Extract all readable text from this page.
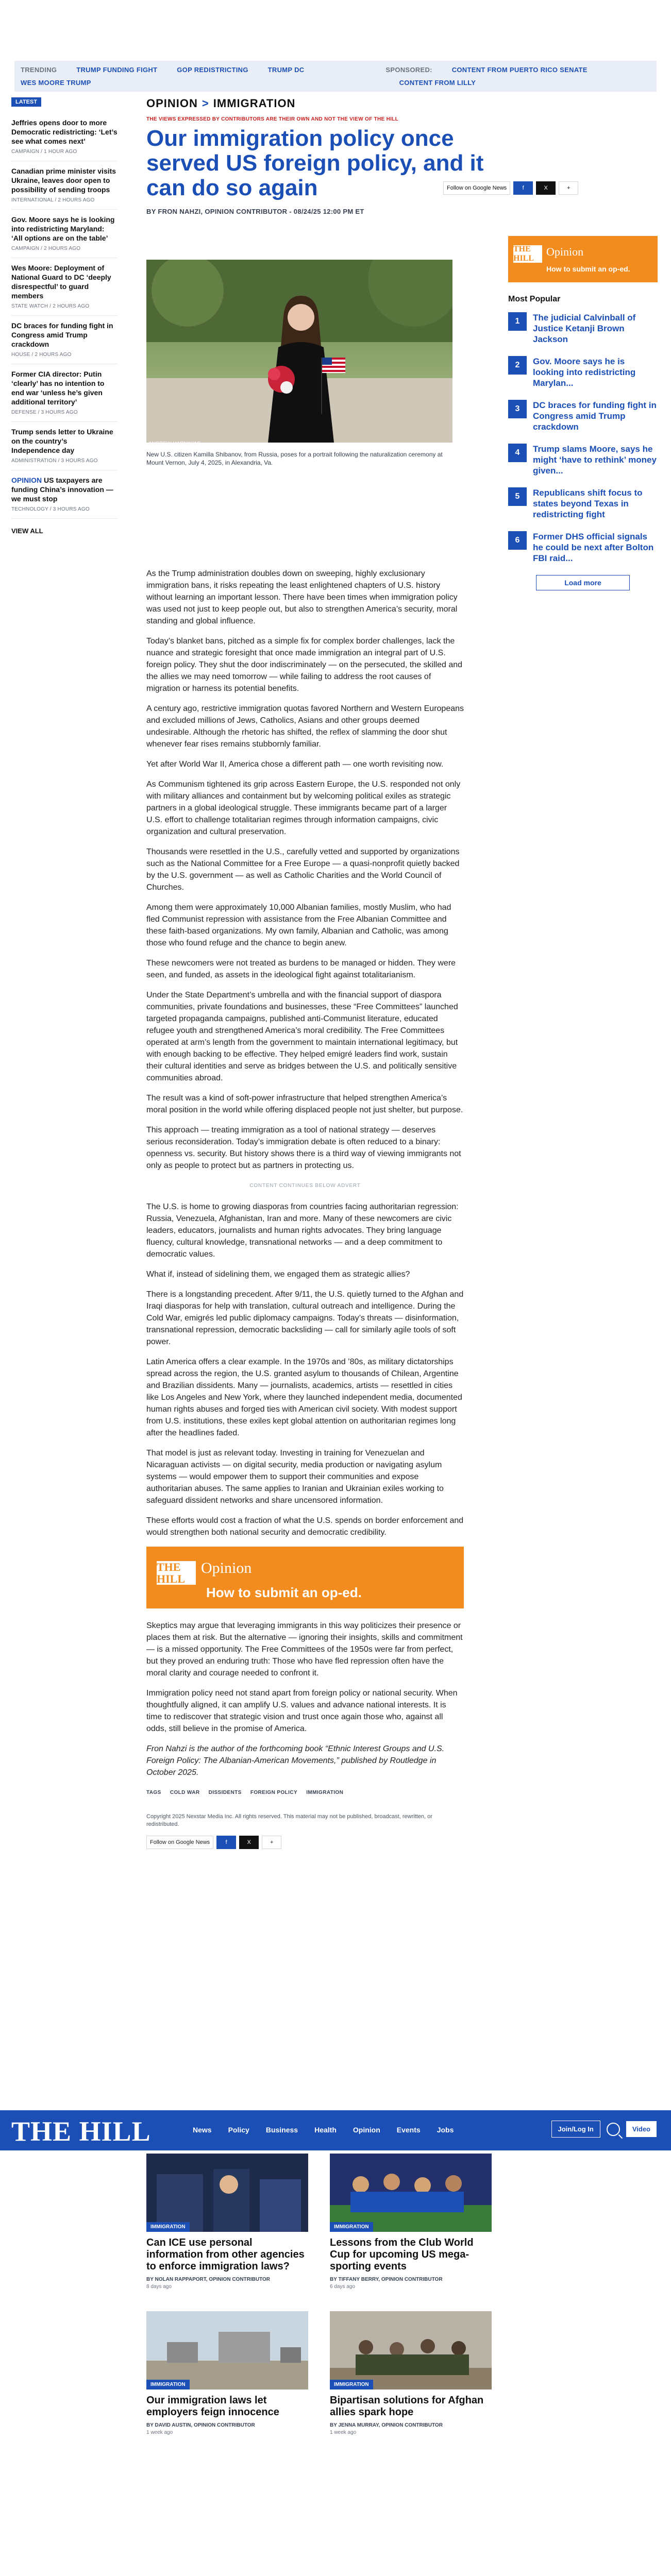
TRENDING	TRUMP FUNDING FIGHT	GOP REDISTRICTING	TRUMP DC	SPONSORED:	CONTENT FROM PUERTO RICO SENATE
WES MOORE TRUMP	CONTENT FROM LILLY
LATEST
Jeffries opens door to more Democratic redistricting: ‘Let’s see what comes next’
CAMPAIGN / 1 HOUR AGO
Canadian prime minister visits Ukraine, leaves door open to possibility of sending troops
INTERNATIONAL / 2 HOURS AGO
Gov. Moore says he is looking into redistricting Maryland: ‘All options are on the table’
CAMPAIGN / 2 HOURS AGO
Wes Moore: Deployment of National Guard to DC ‘deeply disrespectful’ to guard members
STATE WATCH / 2 HOURS AGO
DC braces for funding fight in Congress amid Trump crackdown
HOUSE / 2 HOURS AGO
Former CIA director: Putin ‘clearly’ has no intention to end war ‘unless he’s given additional territory’
DEFENSE / 3 HOURS AGO
Trump sends letter to Ukraine on the country’s Independence day
ADMINISTRATION / 3 HOURS AGO
OPINION US taxpayers are funding China’s innovation — we must stop
TECHNOLOGY / 3 HOURS AGO
VIEW ALL
OPINION > IMMIGRATION
THE VIEWS EXPRESSED BY CONTRIBUTORS ARE THEIR OWN AND NOT THE VIEW OF THE HILL
Our immigration policy once served US foreign policy, and it can do so again
BY FRON NAHZI, OPINION CONTRIBUTOR - 08/24/25 12:00 PM ET
ANDREW HARNIK/AP
New U.S. citizen Kamilla Shibanov, from Russia, poses for a portrait following the naturalization ceremony at Mount Vernon, July 4, 2025, in Alexandria, Va.

As the Trump administration doubles down on sweeping, highly exclusionary immigration bans, it risks repeating the least enlightened chapters of U.S. history without learning an important lesson. There have been times when immigration policy was used not just to keep people out, but also to strengthen America’s security, moral standing and global influence.

Today’s blanket bans, pitched as a simple fix for complex border challenges, lack the nuance and strategic foresight that once made immigration an integral part of U.S. foreign policy. They shut the door indiscriminately — on the persecuted, the skilled and the allies we may need tomorrow — while failing to address the root causes of migration or harness its potential benefits.

A century ago, restrictive immigration quotas favored Northern and Western Europeans and excluded millions of Jews, Catholics, Asians and other groups deemed undesirable. Although the rhetoric has shifted, the reflex of slamming the door shut whenever fear rises remains stubbornly familiar.

Yet after World War II, America chose a different path — one worth revisiting now.

As Communism tightened its grip across Eastern Europe, the U.S. responded not only with military alliances and containment but by welcoming political exiles as strategic partners in a global ideological struggle. These immigrants became part of a larger U.S. effort to challenge totalitarian regimes through information campaigns, civic organization and cultural preservation.

Thousands were resettled in the U.S., carefully vetted and supported by organizations such as the National Committee for a Free Europe — a quasi-nonprofit quietly backed by the U.S. government — as well as Catholic Charities and the World Council of Churches.

Among them were approximately 10,000 Albanian families, mostly Muslim, who had fled Communist repression with assistance from the Free Albanian Committee and these faith-based organizations. My own family, Albanian and Catholic, was among those who found refuge and the chance to begin anew.

These newcomers were not treated as burdens to be managed or hidden. They were seen, and funded, as assets in the ideological fight against totalitarianism.

Under the State Department’s umbrella and with the financial support of diaspora communities, private foundations and businesses, these “Free Committees” launched targeted propaganda campaigns, published anti-Communist literature, educated refugee youth and strengthened America’s moral credibility. The Free Committees operated at arm’s length from the government to maintain international legitimacy, but with enough backing to be effective. They helped emigré leaders find work, sustain their cultural identities and serve as bridges between the U.S. and politically sensitive communities abroad.

The result was a kind of soft-power infrastructure that helped strengthen America’s moral position in the world while offering displaced people not just shelter, but purpose.

This approach — treating immigration as a tool of national strategy — deserves serious reconsideration. Today’s immigration debate is often reduced to a binary: openness vs. security. But history shows there is a third way of viewing immigrants not only as people to protect but as partners in protecting us.

CONTENT CONTINUES BELOW ADVERT

The U.S. is home to growing diasporas from countries facing authoritarian regression: Russia, Venezuela, Afghanistan, Iran and more. Many of these newcomers are civic leaders, educators, journalists and human rights advocates. They bring language fluency, cultural knowledge, transnational networks — and a deep commitment to democratic values.

What if, instead of sidelining them, we engaged them as strategic allies?

There is a longstanding precedent. After 9/11, the U.S. quietly turned to the Afghan and Iraqi diasporas for help with translation, cultural outreach and intelligence. During the Cold War, emigrés led public diplomacy campaigns. Today’s threats — disinformation, transnational repression, democratic backsliding — call for similarly agile tools of soft power.

Latin America offers a clear example. In the 1970s and ’80s, as military dictatorships spread across the region, the U.S. granted asylum to thousands of Chilean, Argentine and Brazilian dissidents. Many — journalists, academics, artists — resettled in cities like Los Angeles and New York, where they launched independent media, documented human rights abuses and forged ties with American civil society. With modest support from U.S. institutions, these exiles kept global attention on authoritarian regimes long after the headlines faded.

That model is just as relevant today. Investing in training for Venezuelan and Nicaraguan activists — on digital security, media production or navigating asylum systems — would empower them to support their communities and expose authoritarian abuses. The same applies to Iranian and Ukrainian exiles working to safeguard dissident networks and share uncensored information.

These efforts would cost a fraction of what the U.S. spends on border enforcement and would strengthen both national security and democratic credibility.

THE HILL
Opinion
How to submit an op-ed.

Skeptics may argue that leveraging immigrants in this way politicizes their presence or places them at risk. But the alternative — ignoring their insights, skills and commitment — is a missed opportunity. The Free Committees of the 1950s were far from perfect, but they proved an enduring truth: Those who have fled repression often have the moral clarity and courage needed to confront it.

Immigration policy need not stand apart from foreign policy or national security. When thoughtfully aligned, it can amplify U.S. values and advance national interests. It is time to rediscover that strategic vision and trust once again those who, against all odds, still believe in the promise of America.

Fron Nahzi is the author of the forthcoming book “Ethnic Interest Groups and U.S. Foreign Policy: The Albanian-American Movements,” published by Routledge in October 2025.

TAGS COLD WAR DISSIDENTS FOREIGN POLICY IMMIGRATION
Copyright 2025 Nexstar Media Inc. All rights reserved. This material may not be published, broadcast, rewritten, or redistributed.
Follow on Google News	f	X	+
Follow on Google News	f	X	+
THE HILL
Opinion
How to submit an op-ed.
Most Popular
1	The judicial Calvinball of Justice Ketanji Brown Jackson
2	Gov. Moore says he is looking into redistricting Marylan...
3	DC braces for funding fight in Congress amid Trump crackdown
4	Trump slams Moore, says he might ‘have to rethink’ money given...
5	Republicans shift focus to states beyond Texas in redistricting fight
6	Former DHS official signals he could be next after Bolton FBI raid...
Load more
THE HILL	News Policy Business Health Opinion Events Jobs	Join/Log In	Video
IMMIGRATION
Can ICE use personal information from other agencies to enforce immigration laws?
BY NOLAN RAPPAPORT, OPINION CONTRIBUTOR
8 days ago
IMMIGRATION
Lessons from the Club World Cup for upcoming US mega-sporting events
BY TIFFANY BERRY, OPINION CONTRIBUTOR
6 days ago
IMMIGRATION
Our immigration laws let employers feign innocence
BY DAVID AUSTIN, OPINION CONTRIBUTOR
1 week ago
IMMIGRATION
Bipartisan solutions for Afghan allies spark hope
BY JENNA MURRAY, OPINION CONTRIBUTOR
1 week ago
